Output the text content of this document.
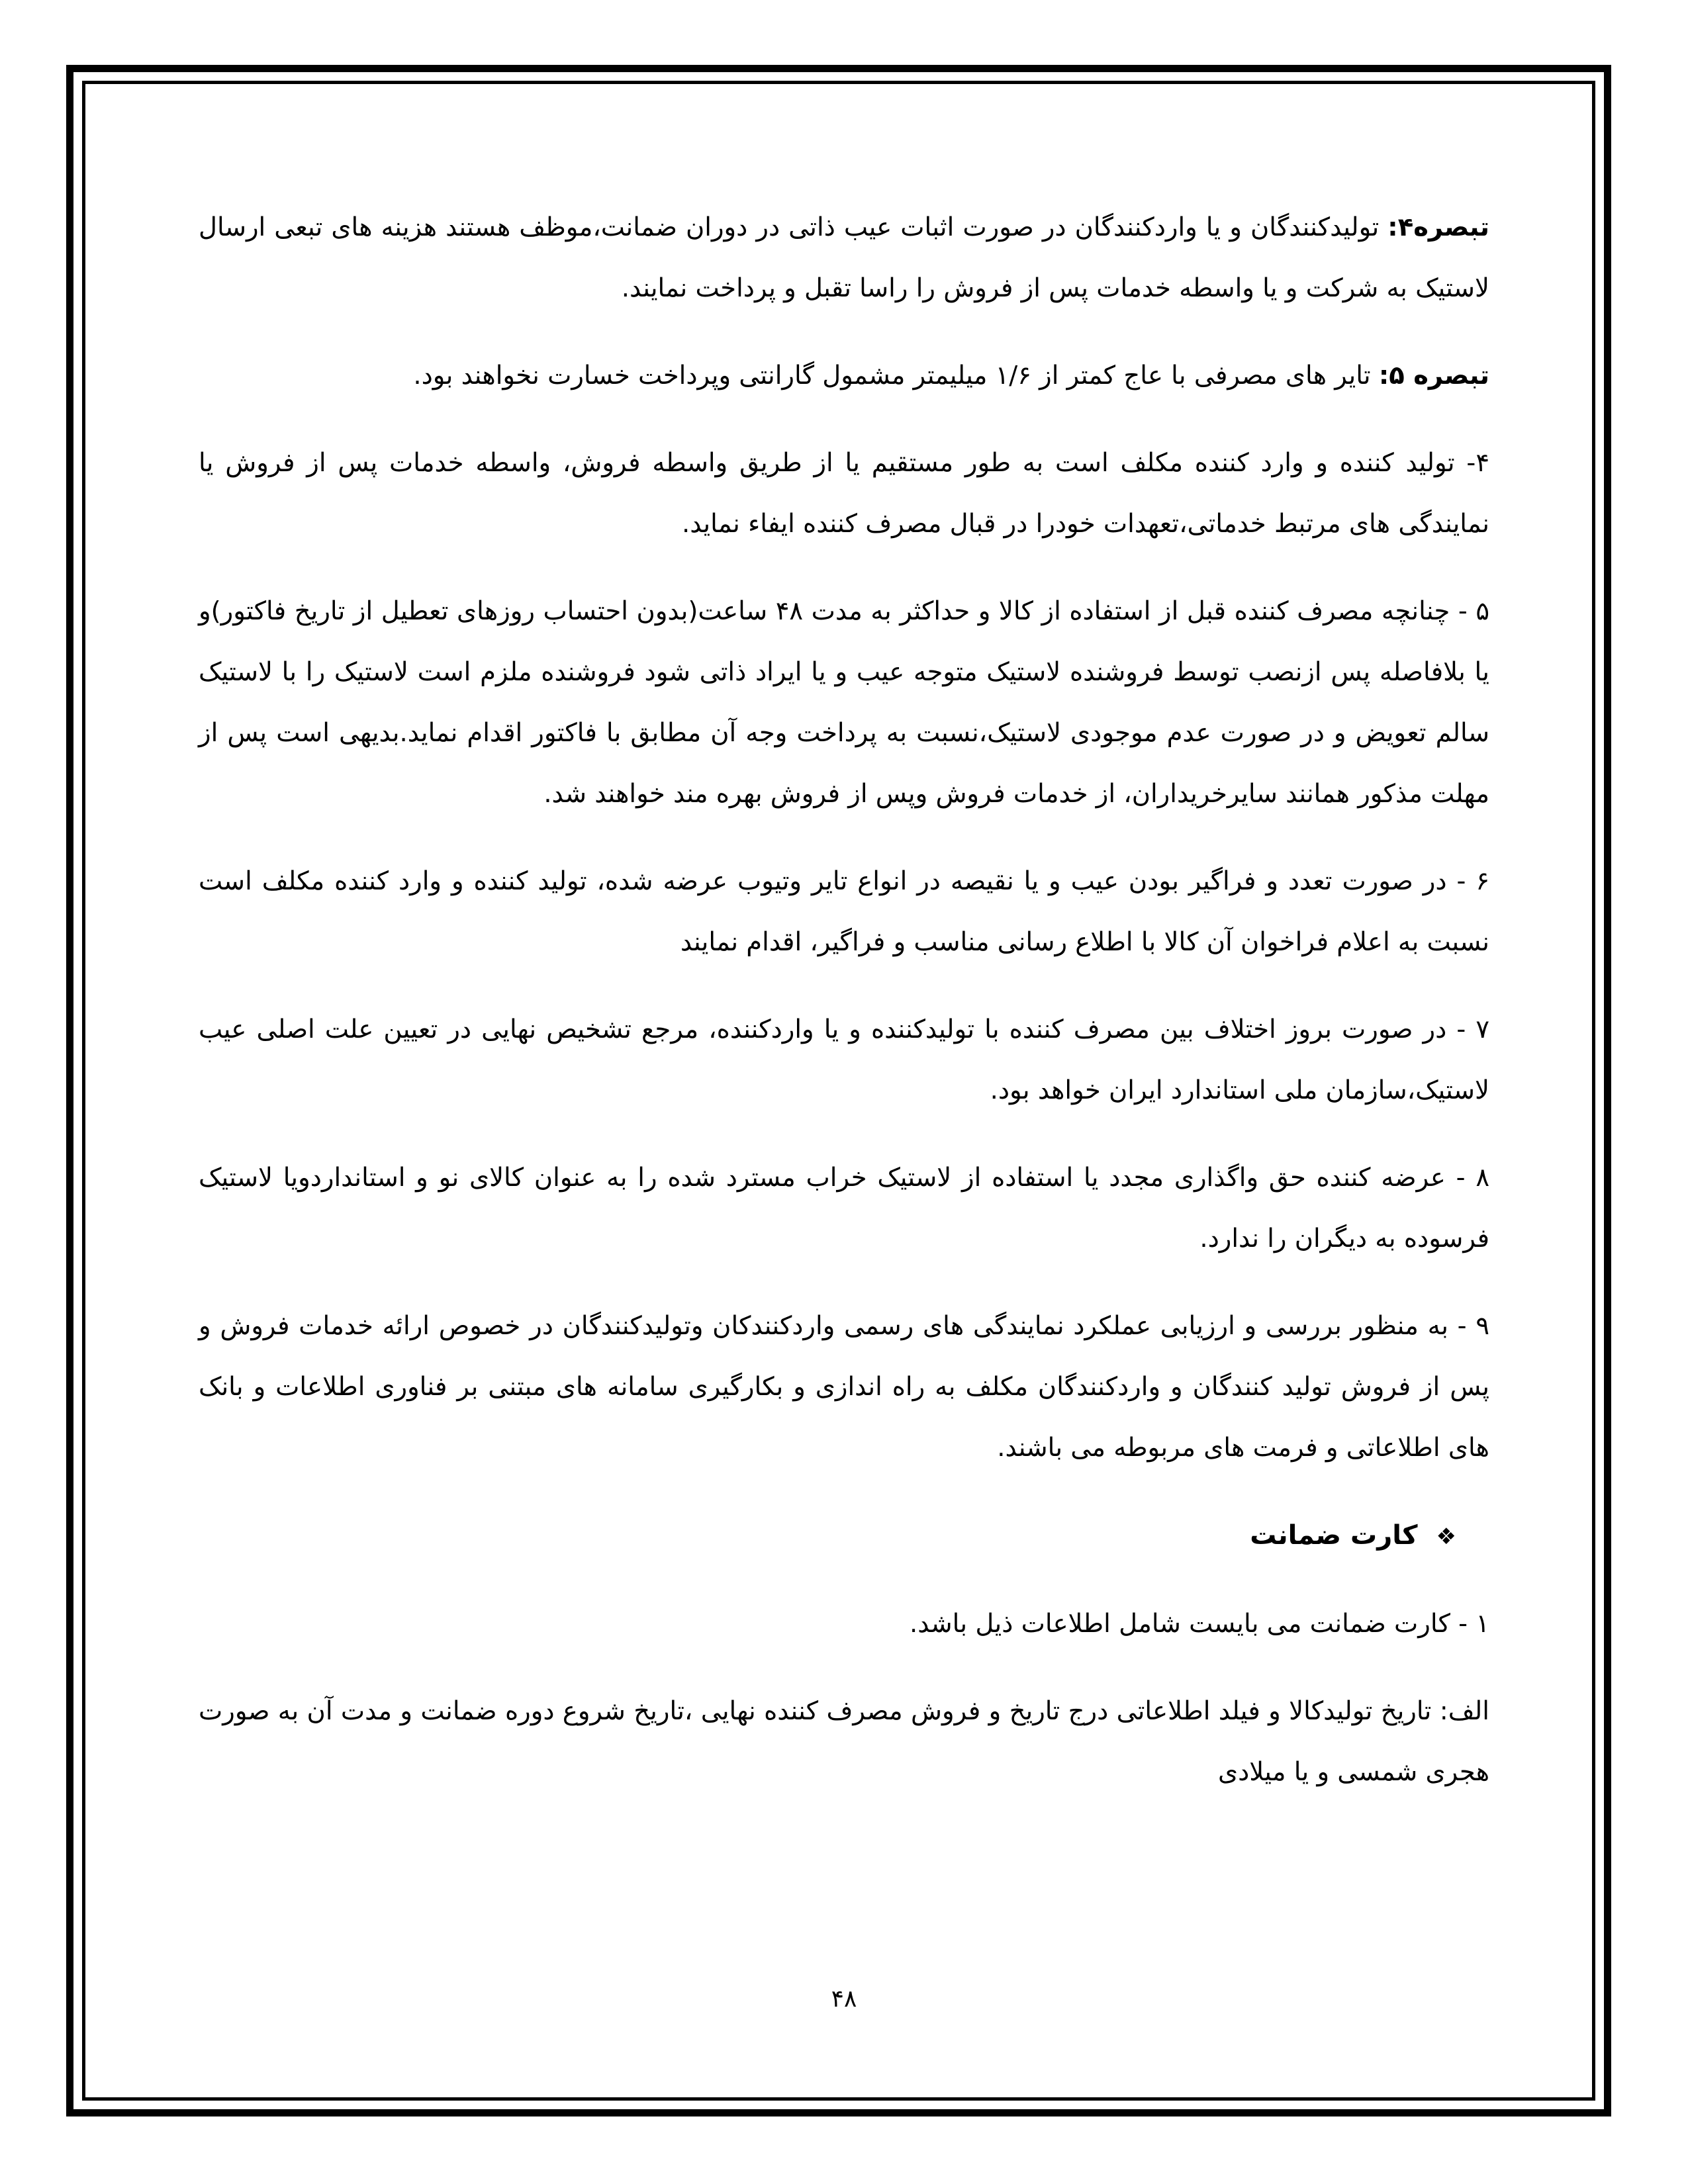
تبصره۴: تولیدکنندگان و یا واردکنندگان در صورت اثبات عیب ذاتی در دوران ضمانت،موظف هستند هزینه های تبعی ارسال لاستیک به شرکت و یا واسطه خدمات پس از فروش را راسا تقبل و پرداخت نمایند.

تبصره ۵: تایر های مصرفی با عاج کمتر از ۱/۶ میلیمتر مشمول گارانتی وپرداخت خسارت نخواهند بود.

۴- تولید کننده و وارد کننده مکلف است به طور مستقیم یا از طریق واسطه فروش، واسطه خدمات پس از فروش یا نمایندگی های مرتبط خدماتی،تعهدات خودرا در قبال مصرف کننده ایفاء نماید.

۵ - چنانچه مصرف کننده قبل از استفاده از کالا و حداکثر به مدت ۴۸ ساعت(بدون احتساب روزهای تعطیل از تاریخ فاکتور)و یا بلافاصله پس ازنصب توسط فروشنده لاستیک متوجه عیب و یا ایراد ذاتی شود فروشنده ملزم است لاستیک را با لاستیک سالم تعویض و در صورت عدم موجودی لاستیک،نسبت به پرداخت وجه آن مطابق با فاکتور اقدام نماید.بدیهی است پس از مهلت مذکور همانند سایرخریداران، از خدمات فروش وپس از فروش بهره مند خواهند شد.

۶ - در صورت تعدد و فراگیر بودن عیب و یا نقیصه در انواع تایر وتیوب عرضه شده، تولید کننده و وارد کننده مکلف است نسبت به اعلام فراخوان آن کالا با اطلاع رسانی مناسب و فراگیر، اقدام نمایند

۷ - در صورت بروز اختلاف بین مصرف کننده با تولیدکننده و یا واردکننده، مرجع تشخیص نهایی در تعیین علت اصلی عیب لاستیک،سازمان ملی استاندارد ایران خواهد بود.

۸ - عرضه کننده حق واگذاری مجدد یا استفاده از لاستیک خراب مسترد شده را به عنوان کالای نو و استانداردویا لاستیک فرسوده به دیگران را ندارد.

۹ - به منظور بررسی و ارزیابی عملکرد نمایندگی های رسمی واردکنندکان وتولیدکنندگان در خصوص ارائه خدمات فروش و پس از فروش تولید کنندگان و واردکنندگان مکلف به راه اندازی و بکارگیری سامانه های مبتنی بر فناوری اطلاعات و بانک های اطلاعاتی و فرمت های مربوطه می باشند.

❖کارت ضمانت

۱ - کارت ضمانت می بایست شامل اطلاعات ذیل باشد.

الف: تاریخ تولیدکالا و فیلد اطلاعاتی درج تاریخ و فروش مصرف کننده نهایی ،تاریخ شروع دوره ضمانت و مدت آن به صورت هجری شمسی و یا میلادی

۴۸
